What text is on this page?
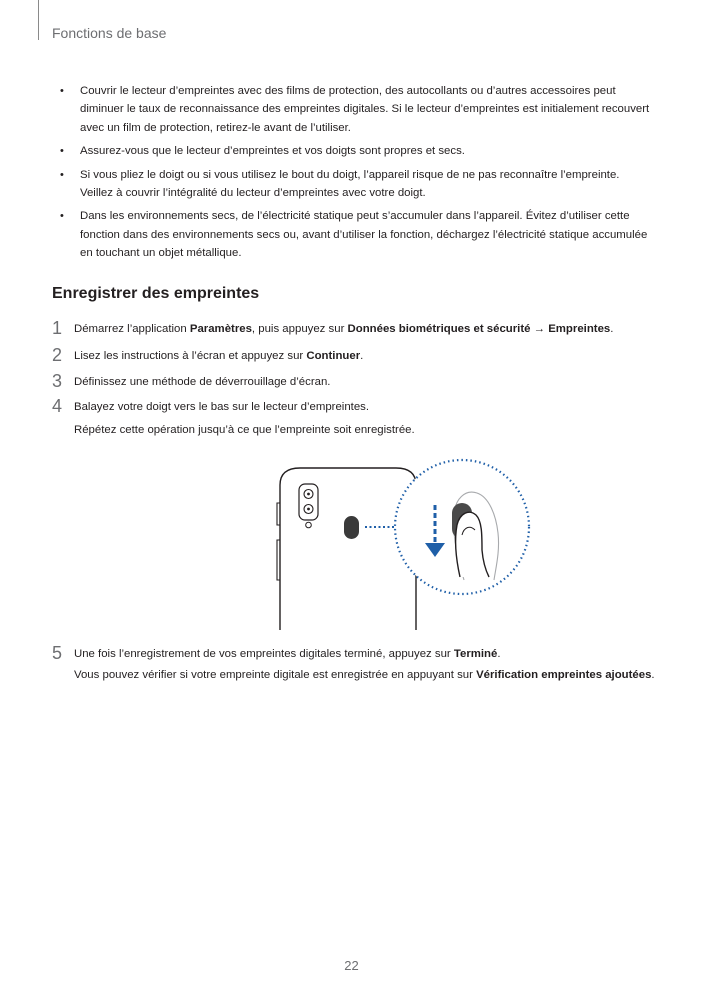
Fonctions de base
• Couvrir le lecteur d’empreintes avec des films de protection, des autocollants ou d’autres accessoires peut diminuer le taux de reconnaissance des empreintes digitales. Si le lecteur d’empreintes est initialement recouvert avec un film de protection, retirez-le avant de l’utiliser.
• Assurez-vous que le lecteur d’empreintes et vos doigts sont propres et secs.
• Si vous pliez le doigt ou si vous utilisez le bout du doigt, l’appareil risque de ne pas reconnaître l’empreinte. Veillez à couvrir l’intégralité du lecteur d’empreintes avec votre doigt.
• Dans les environnements secs, de l’électricité statique peut s’accumuler dans l’appareil. Évitez d’utiliser cette fonction dans des environnements secs ou, avant d’utiliser la fonction, déchargez l’électricité statique accumulée en touchant un objet métallique.
Enregistrer des empreintes
1 Démarrez l’application Paramètres, puis appuyez sur Données biométriques et sécurité → Empreintes.
2 Lisez les instructions à l’écran et appuyez sur Continuer.
3 Définissez une méthode de déverrouillage d’écran.
4 Balayez votre doigt vers le bas sur le lecteur d’empreintes.
Répétez cette opération jusqu’à ce que l’empreinte soit enregistrée.
5 Une fois l’enregistrement de vos empreintes digitales terminé, appuyez sur Terminé.
Vous pouvez vérifier si votre empreinte digitale est enregistrée en appuyant sur Vérification empreintes ajoutées.
22
